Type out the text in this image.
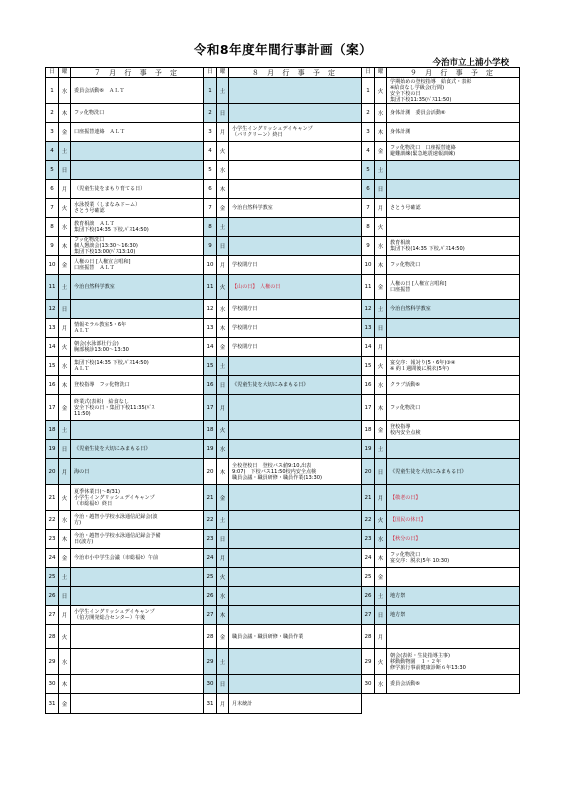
令和8年度年間行事計画（案）
今治市立上浦小学校
日	曜	７ 月 行 事 予 定
1	水	委員会活動⑥　ＡＬＴ
2	木	フッ化物洗口
3	金	口座振替連絡　ＡＬＴ
4	土
5	日
6	月	（児童生徒をまもり育てる日）
7	火
水泳授業（しまなみドーム）
さとう号確認
8	水
教育相談　ＡＬＴ
集団下校(14:35 下校,ﾊﾞｽ14:50)
9	木
フッ化物洗口
個人懇談会(13:30～16:30)
集団下校13:00(ﾊﾞｽ13:10)
10	金
人権の日 [人権宣言唱和]
口座振替　ＡＬＴ
11	土	今治自然科学教室
12	日
13	月
情報モラル教室5・6年
ＡＬＴ
14	火
朝会(水泳部壮行会)
胸部検診13:00～13:30
15	水
集団下校(14:35 下校,ﾊﾞｽ14:50)
ＡＬＴ
16	木	登校指導　フッ化物洗口
17	金
終業式(表彰)　給食なし
安全下校の日・集団下校11:35(ﾊﾞｽ
11:50)
18	土
19	日	《児童生徒を大切にみまもる日》
20	月	海の日
21	火
夏季休業日(～8/31)
小学生イングリッシュデイキャンプ
（市総福ｾ）終日
22	水
今治・越智小学校水泳通信記録会(波
方)
23	木
今治・越智小学校水泳通信記録会予備
日(波方)
24	金	今治市小中学生会議（市総福ｾ）午前
25	土
26	日
27	月
小学生イングリッシュデイキャンプ
（伯方開発総合センター）午後
28	火
29	水
30	木
31	金
日	曜	８ 月 行 事 予 定
1	土
2	日
3	月
小学生イングリッシュデイキャンプ
（バリクリーン）終日
4	火
5	水
6	木
7	金	今治自然科学教室
8	土
9	日
10	月	学校閉庁日
11	火	【山の日】　人権の日
12	水	学校閉庁日
13	木	学校閉庁日
14	金	学校閉庁日
15	土
16	日	《児童生徒を大切にみまもる日》
17	月
18	火
19	水
20	木
全校登校日　登校バス値9:10,出表
9:07)　下校バス11:50校内安全点検
職員会議・職員研修・職員作業(13:30)
21	金
22	土
23	日
24	月
25	火
26	水
27	木
28	金	職員会議・職員研修・職員作業
29	土
30	日
31	月	月末統計
日	曜	９ 月 行 事 予 定
1	火
学期始めの登校指導　給食式・表彰
※給食なし学級会(行間)
安全下校の日
集団下校11:35(ﾊﾞｽ11:50)
2	水	身体計測　委員会活動⑥
3	木	身体計測
4	金
フッ化物洗口　口座振替連絡
避難訓練(緊急地震速報訓練)
5	土
6	日
7	月	さとう号確認
8	火
9	水
教育相談
集団下校(14:35 下校,ﾊﾞｽ14:50)
10	木	フッ化物洗口
11	金
人権の日 [人権宣言唱和]
口座振替
12	土	今治自然科学教室
13	日
14	月
15	火
宴交序：報対り(5・6年)③④
※ 約１週間後に脱衣(5年)
16	水	クラブ活動⑥
17	木	フッ化物洗口
18	金
登校指導
校内安全点検
19	土
20	日	《児童生徒を大切にみまもる日》
21	月	【敬老の日】
22	火	【国民の休日】
23	水	【秋分の日】
24	木
フッ化物洗口
宴交序：脱衣(5年 10:30)
25	金
26	土	地方祭
27	日	地方祭
28	月
29	火
朝会(表彰・生徒指導主事)
移動動物園　１・２年
修学旅行事前健康診断６年13:30
30	水	委員会活動⑥
